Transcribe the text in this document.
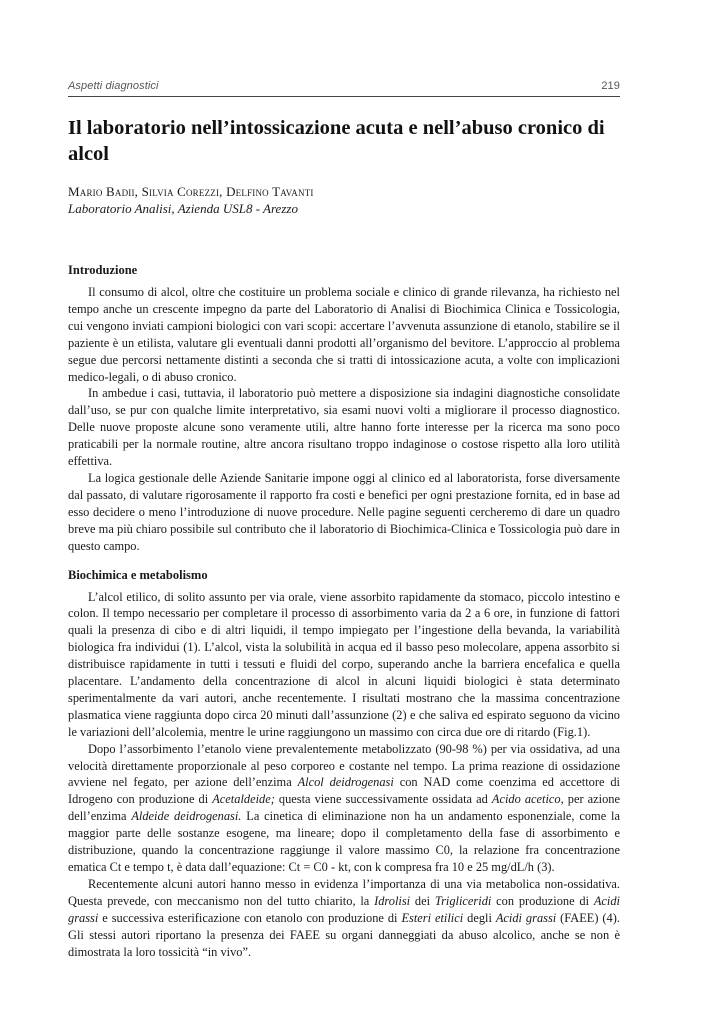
Aspetti diagnostici	219
Il laboratorio nell’intossicazione acuta e nell’abuso cronico di alcol
Mario Badii, Silvia Corezzi, Delfino Tavanti
Laboratorio Analisi, Azienda USL8 - Arezzo
Introduzione

Il consumo di alcol, oltre che costituire un problema sociale e clinico di grande rilevanza, ha richiesto nel tempo anche un crescente impegno da parte del Laboratorio di Analisi di Biochimica Clinica e Tossicologia, cui vengono inviati campioni biologici con vari scopi: accertare l’avvenuta assunzione di etanolo, stabilire se il paziente è un etilista, valutare gli eventuali danni prodotti all’organismo del bevitore. L’approccio al problema segue due percorsi nettamente distinti a seconda che si tratti di intossicazione acuta, a volte con implicazioni medico-legali, o di abuso cronico.

In ambedue i casi, tuttavia, il laboratorio può mettere a disposizione sia indagini diagnostiche consolidate dall’uso, se pur con qualche limite interpretativo, sia esami nuovi volti a migliorare il processo diagnostico. Delle nuove proposte alcune sono veramente utili, altre hanno forte interesse per la ricerca ma sono poco praticabili per la normale routine, altre ancora risultano troppo indaginose o costose rispetto alla loro utilità effettiva.

La logica gestionale delle Aziende Sanitarie impone oggi al clinico ed al laboratorista, forse diversamente dal passato, di valutare rigorosamente il rapporto fra costi e benefici per ogni prestazione fornita, ed in base ad esso decidere o meno l’introduzione di nuove procedure. Nelle pagine seguenti cercheremo di dare un quadro breve ma più chiaro possibile sul contributo che il laboratorio di Biochimica-Clinica e Tossicologia può dare in questo campo.

Biochimica e metabolismo

L’alcol etilico, di solito assunto per via orale, viene assorbito rapidamente da stomaco, piccolo intestino e colon. Il tempo necessario per completare il processo di assorbimento varia da 2 a 6 ore, in funzione di fattori quali la presenza di cibo e di altri liquidi, il tempo impiegato per l’ingestione della bevanda, la variabilità biologica fra individui (1). L’alcol, vista la solubilità in acqua ed il basso peso molecolare, appena assorbito si distribuisce rapidamente in tutti i tessuti e fluidi del corpo, superando anche la barriera encefalica e quella placentare. L’andamento della concentrazione di alcol in alcuni liquidi biologici è stata determinato sperimentalmente da vari autori, anche recentemente. I risultati mostrano che la massima concentrazione plasmatica viene raggiunta dopo circa 20 minuti dall’assunzione (2) e che saliva ed espirato seguono da vicino le variazioni dell’alcolemia, mentre le urine raggiungono un massimo con circa due ore di ritardo (Fig.1).

Dopo l’assorbimento l’etanolo viene prevalentemente metabolizzato (90-98 %) per via ossidativa, ad una velocità direttamente proporzionale al peso corporeo e costante nel tempo. La prima reazione di ossidazione avviene nel fegato, per azione dell’enzima Alcol deidrogenasi con NAD come coenzima ed accettore di Idrogeno con produzione di Acetaldeide; questa viene successivamente ossidata ad Acido acetico, per azione dell’enzima Aldeide deidrogenasi. La cinetica di eliminazione non ha un andamento esponenziale, come la maggior parte delle sostanze esogene, ma lineare; dopo il completamento della fase di assorbimento e distribuzione, quando la concentrazione raggiunge il valore massimo C0, la relazione fra concentrazione ematica Ct e tempo t, è data dall’equazione: Ct = C0 - kt, con k compresa fra 10 e 25 mg/dL/h (3).

Recentemente alcuni autori hanno messo in evidenza l’importanza di una via metabolica non-ossidativa. Questa prevede, con meccanismo non del tutto chiarito, la Idrolisi dei Trigliceridi con produzione di Acidi grassi e successiva esterificazione con etanolo con produzione di Esteri etilici degli Acidi grassi (FAEE) (4). Gli stessi autori riportano la presenza dei FAEE su organi danneggiati da abuso alcolico, anche se non è dimostrata la loro tossicità “in vivo”.
